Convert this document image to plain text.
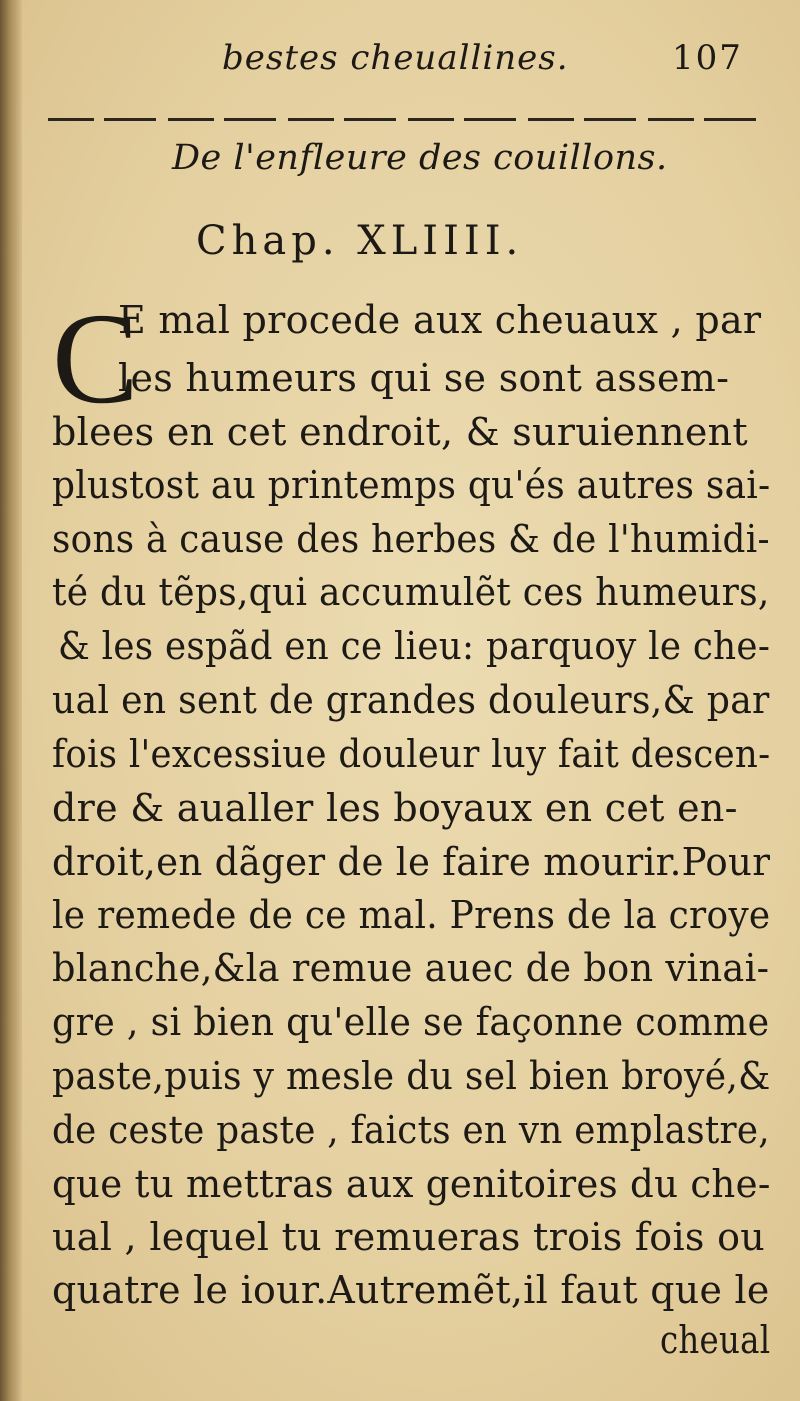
bestes cheuallines.	107
De l'enfleure des couillons.
Chap. XLIIII.
C
E mal procede aux cheuaux , par
les humeurs qui se sont assem-
blees en cet endroit, & suruiennent
plustost au printemps qu'és autres sai-
sons à cause des herbes & de l'humidi-
té du tẽps,qui accumulẽt ces humeurs,
& les espãd en ce lieu: parquoy le che-
ual en sent de grandes douleurs,& par
fois l'excessiue douleur luy fait descen-
dre & aualler les boyaux en cet en-
droit,en dãger de le faire mourir.Pour
le remede de ce mal. Prens de la croye
blanche,&la remue auec de bon vinai-
gre , si bien qu'elle se façonne comme
paste,puis y mesle du sel bien broyé,&
de ceste paste , faicts en vn emplastre,
que tu mettras aux genitoires du che-
ual , lequel tu remueras trois fois ou
quatre le iour.Autremẽt,il faut que le
cheual
